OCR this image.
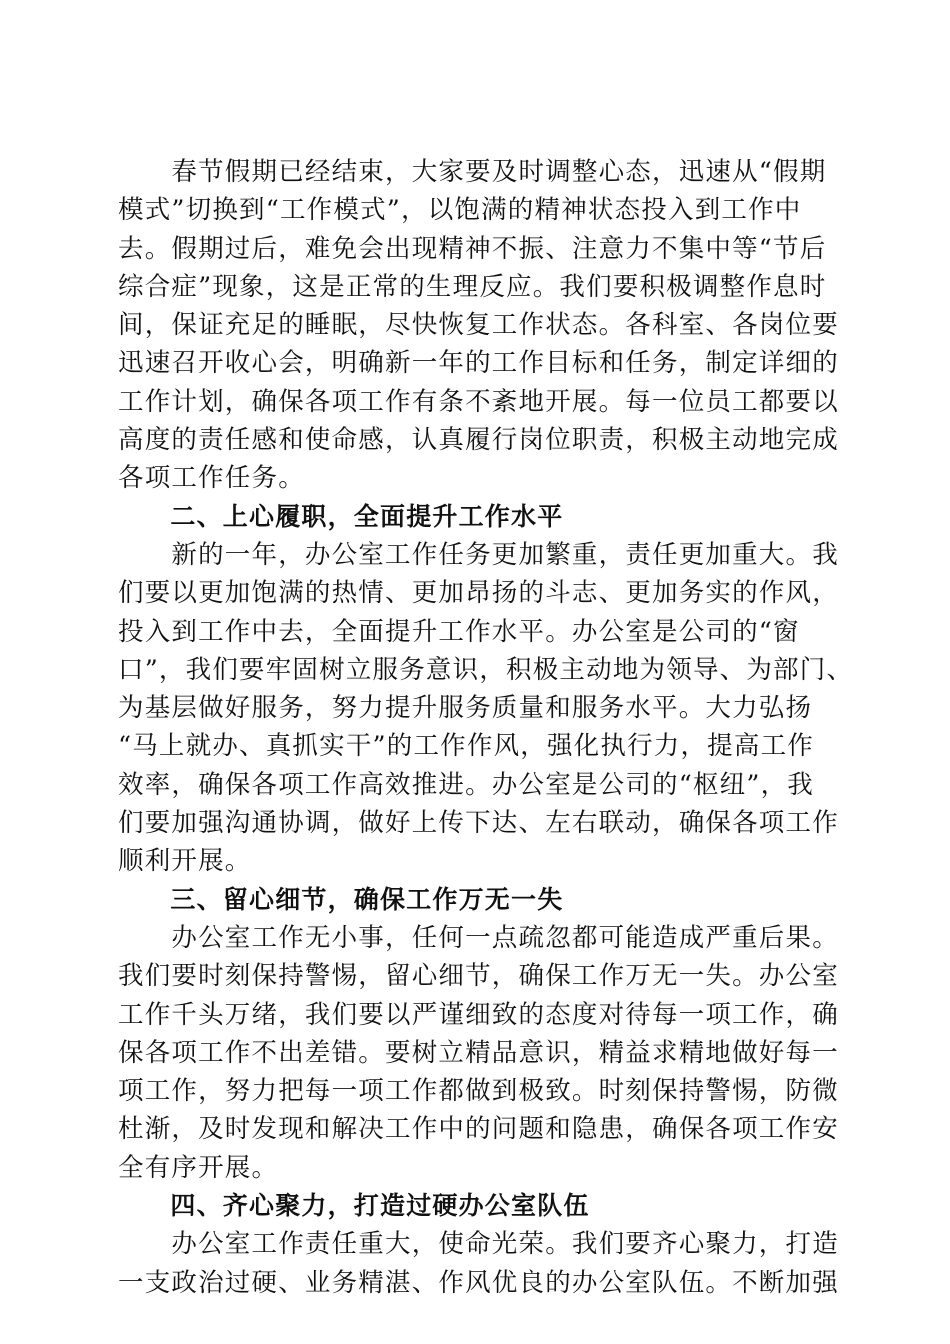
　　春节假期已经结束，大家要及时调整心态，迅速从“假期
模式”切换到“工作模式”，以饱满的精神状态投入到工作中
去。假期过后，难免会出现精神不振、注意力不集中等“节后
综合症”现象，这是正常的生理反应。我们要积极调整作息时
间，保证充足的睡眠，尽快恢复工作状态。各科室、各岗位要
迅速召开收心会，明确新一年的工作目标和任务，制定详细的
工作计划，确保各项工作有条不紊地开展。每一位员工都要以
高度的责任感和使命感，认真履行岗位职责，积极主动地完成
各项工作任务。
　　二、上心履职，全面提升工作水平
　　新的一年，办公室工作任务更加繁重，责任更加重大。我
们要以更加饱满的热情、更加昂扬的斗志、更加务实的作风，
投入到工作中去，全面提升工作水平。办公室是公司的“窗
口”，我们要牢固树立服务意识，积极主动地为领导、为部门、
为基层做好服务，努力提升服务质量和服务水平。大力弘扬
“马上就办、真抓实干”的工作作风，强化执行力，提高工作
效率，确保各项工作高效推进。办公室是公司的“枢纽”，我
们要加强沟通协调，做好上传下达、左右联动，确保各项工作
顺利开展。
　　三、留心细节，确保工作万无一失
　　办公室工作无小事，任何一点疏忽都可能造成严重后果。
我们要时刻保持警惕，留心细节，确保工作万无一失。办公室
工作千头万绪，我们要以严谨细致的态度对待每一项工作，确
保各项工作不出差错。要树立精品意识，精益求精地做好每一
项工作，努力把每一项工作都做到极致。时刻保持警惕，防微
杜渐，及时发现和解决工作中的问题和隐患，确保各项工作安
全有序开展。
　　四、齐心聚力，打造过硬办公室队伍
　　办公室工作责任重大，使命光荣。我们要齐心聚力，打造
一支政治过硬、业务精湛、作风优良的办公室队伍。不断加强
